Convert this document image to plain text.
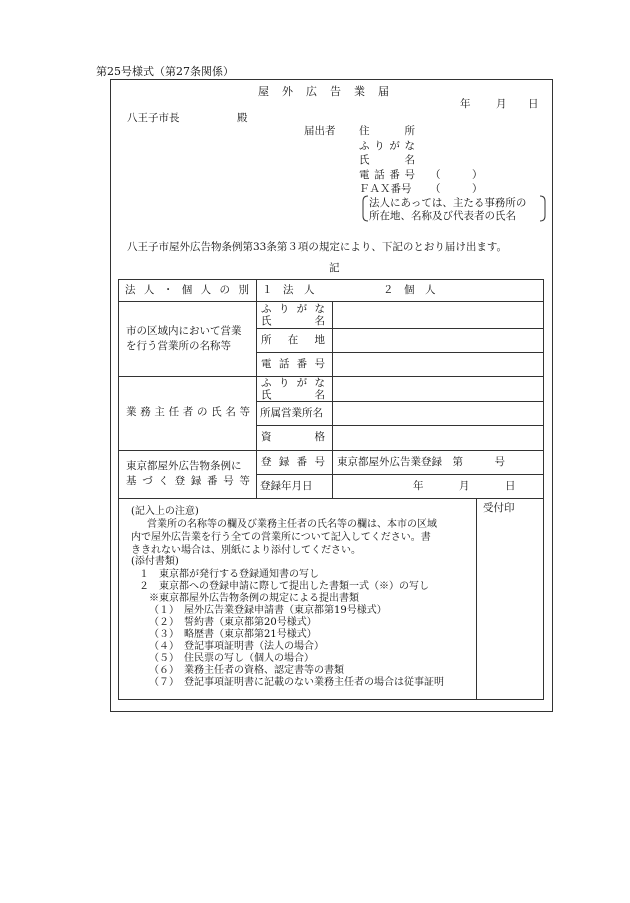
第25号様式（第27条関係）
屋　外　広　告　業　届
年 月 日
八王子市長	殿
届出者 住	所
ふ り が な
氏	名
電 話 番 号 （　　　）
ＦＡＸ番号 （　　　）
法人にあっては、主たる事務所の
所在地、名称及び代表者の氏名
八王子市屋外広告物条例第33条第３項の規定により、下記のとおり届け出ます。
記
法 人 ・ 個 人 の 別 １　法　人	２　個　人
市の区域内において営業
を行う営業所の名称等
ふ り が な
氏	名
所 在 地
電 話 番 号
業 務 主 任 者 の 氏 名 等
ふ り が な
氏	名
所属営業所名
資	格
東京都屋外広告物条例に
基 づ く 登 録 番 号 等
登 録 番 号 東京都屋外広告業登録　第　　　号
登録年月日	年	月	日
(記入上の注意)
営業所の名称等の欄及び業務主任者の氏名等の欄は、本市の区域
内で屋外広告業を行う全ての営業所について記入してください。書
ききれない場合は、別紙により添付してください。
(添付書類)
１　東京都が発行する登録通知書の写し
２　東京都への登録申請に際して提出した書類一式（※）の写し
※東京都屋外広告物条例の規定による提出書類
（１）　屋外広告業登録申請書（東京都第19号様式）
（２）　誓約書（東京都第20号様式）
（３）　略歴書（東京都第21号様式）
（４）　登記事項証明書（法人の場合）
（５）　住民票の写し（個人の場合）
（６）　業務主任者の資格、認定書等の書類
（７）　登記事項証明書に記載のない業務主任者の場合は従事証明
受付印
